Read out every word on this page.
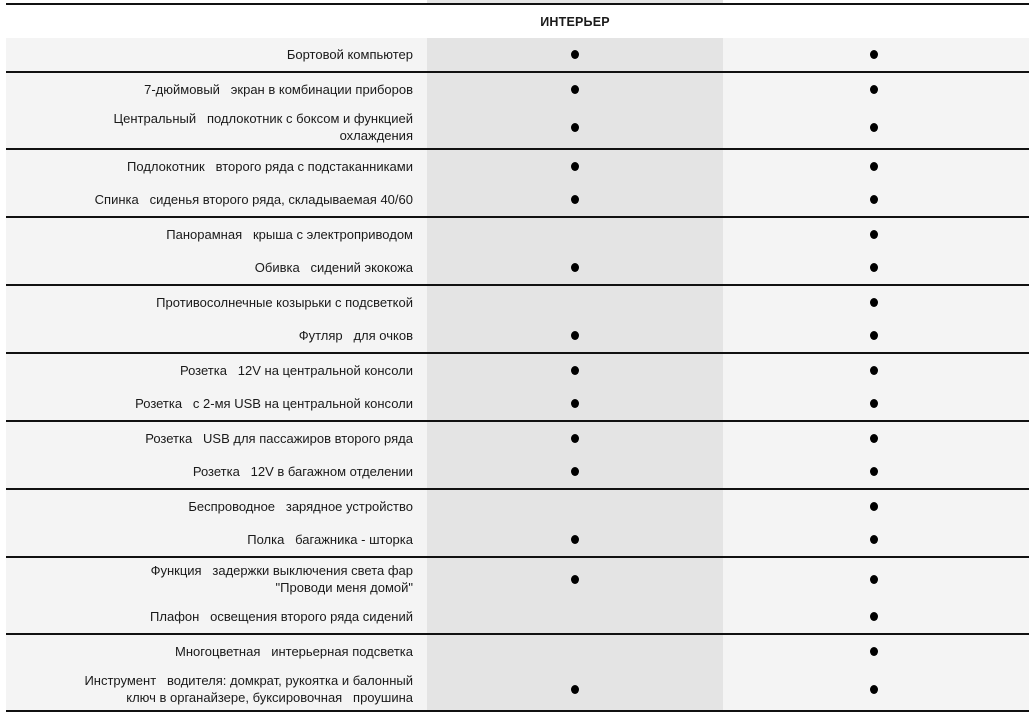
ИНТЕРЬЕР
Бортовой компьютер
7-дюймовый   экран в комбинации приборов
Центральный   подлокотник с боксом и функцией
охлаждения
Подлокотник   второго ряда с подстаканниками
Спинка   сиденья второго ряда, складываемая 40/60
Панорамная   крыша с электроприводом
Обивка   сидений экокожа
Противосолнечные козырьки с подсветкой
Футляр   для очков
Розетка   12V на центральной консоли
Розетка   с 2-мя USB на центральной консоли
Розетка   USB для пассажиров второго ряда
Розетка   12V в багажном отделении
Беспроводное   зарядное устройство
Полка   багажника - шторка
Функция   задержки выключения света фар
"Проводи меня домой"
Плафон   освещения второго ряда сидений
Многоцветная   интерьерная подсветка
Инструмент   водителя: домкрат, рукоятка и балонный
ключ в органайзере, буксировочная   проушина
